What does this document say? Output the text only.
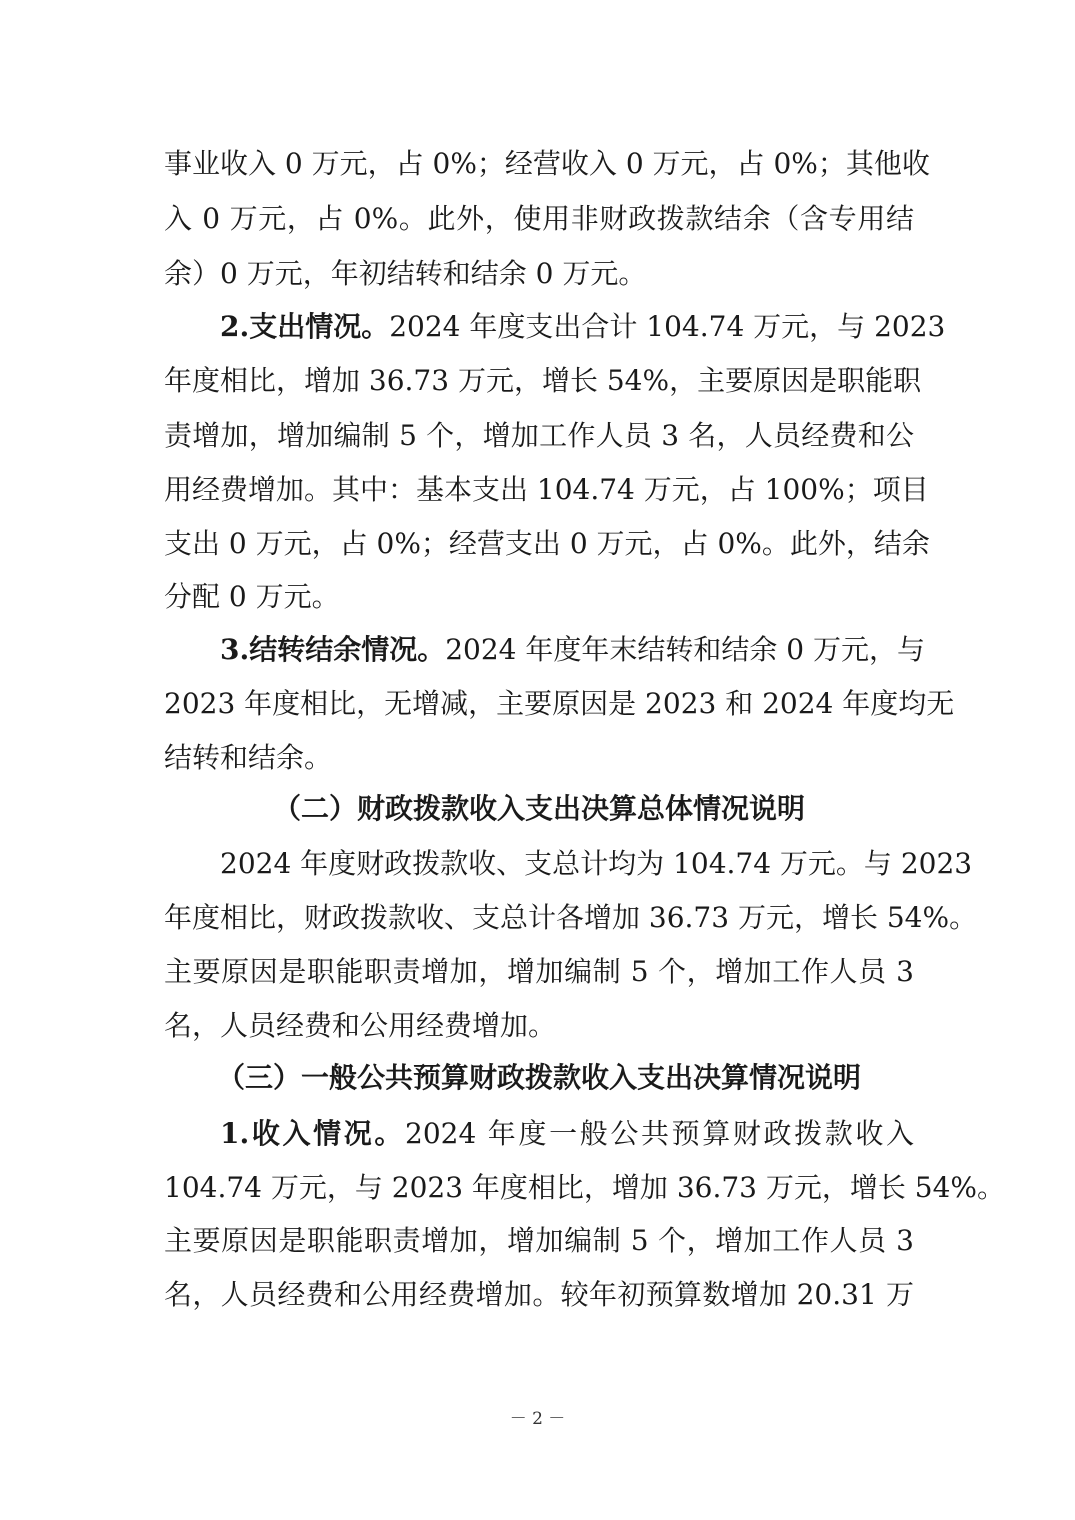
事业收入 0 万元，占 0%；经营收入 0 万元，占 0%；其他收
入 0 万元，占 0%。此外，使用非财政拨款结余（含专用结
余）0 万元，年初结转和结余 0 万元。
2.支出情况。2024 年度支出合计 104.74 万元，与 2023
年度相比，增加 36.73 万元，增长 54%，主要原因是职能职
责增加，增加编制 5 个，增加工作人员 3 名，人员经费和公
用经费增加。其中：基本支出 104.74 万元，占 100%；项目
支出 0 万元，占 0%；经营支出 0 万元，占 0%。此外，结余
分配 0 万元。
3.结转结余情况。2024 年度年末结转和结余 0 万元，与
2023 年度相比，无增减，主要原因是 2023 和 2024 年度均无
结转和结余。
（二）财政拨款收入支出决算总体情况说明
2024 年度财政拨款收、支总计均为 104.74 万元。与 2023
年度相比，财政拨款收、支总计各增加 36.73 万元，增长 54%。
主要原因是职能职责增加，增加编制 5 个，增加工作人员 3
名，人员经费和公用经费增加。
（三）一般公共预算财政拨款收入支出决算情况说明
1.收入情况。2024 年度一般公共预算财政拨款收入
104.74 万元，与 2023 年度相比，增加 36.73 万元，增长 54%。
主要原因是职能职责增加，增加编制 5 个，增加工作人员 3
名，人员经费和公用经费增加。较年初预算数增加 20.31 万
－ 2 －
